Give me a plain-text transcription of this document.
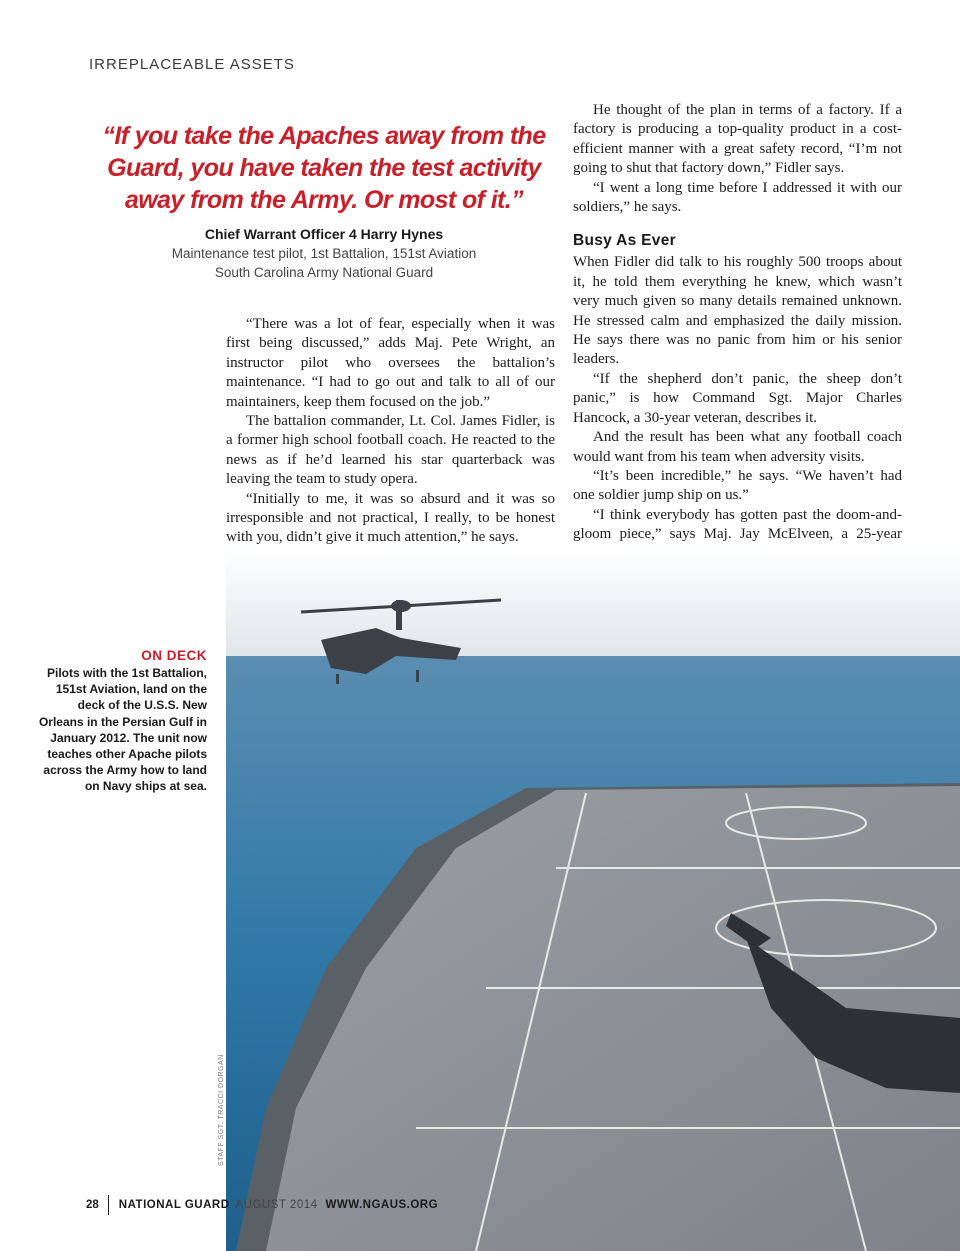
IRREPLACEABLE ASSETS
“If you take the Apaches away from the Guard, you have taken the test activity away from the Army. Or most of it.”
Chief Warrant Officer 4 Harry Hynes
Maintenance test pilot, 1st Battalion, 151st Aviation
South Carolina Army National Guard

“There was a lot of fear, especially when it was first being discussed,” adds Maj. Pete Wright, an instructor pilot who oversees the battalion’s maintenance. “I had to go out and talk to all of our maintainers, keep them focused on the job.”

The battalion commander, Lt. Col. James Fidler, is a former high school football coach. He reacted to the news as if he’d learned his star quarterback was leaving the team to study opera.

“Initially to me, it was so absurd and it was so irresponsible and not practical, I really, to be honest with you, didn’t give it much attention,” he says.

He thought of the plan in terms of a factory. If a factory is producing a top-quality product in a cost-efficient manner with a great safety record, “I’m not going to shut that factory down,” Fidler says.

“I went a long time before I addressed it with our soldiers,” he says.

Busy As Ever

When Fidler did talk to his roughly 500 troops about it, he told them everything he knew, which wasn’t very much given so many details remained unknown. He stressed calm and emphasized the daily mission. He says there was no panic from him or his senior leaders.

“If the shepherd don’t panic, the sheep don’t panic,” is how Command Sgt. Major Charles Hancock, a 30-year veteran, describes it.

And the result has been what any football coach would want from his team when adversity visits.

“It’s been incredible,” he says. “We haven’t had one soldier jump ship on us.”

“I think everybody has gotten past the doom-and-gloom piece,” says Maj. Jay McElveen, a 25-year

ON DECK
Pilots with the 1st Battalion, 151st Aviation, land on the deck of the U.S.S. New Orleans in the Persian Gulf in January 2012. The unit now teaches other Apache pilots across the Army how to land on Navy ships at sea.
STAFF SGT. TRACCI DORGAN
28 NATIONAL GUARD AUGUST 2014 WWW.NGAUS.ORG
